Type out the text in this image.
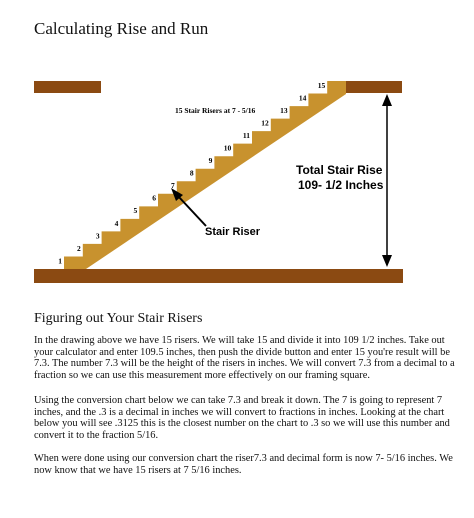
Calculating Rise and Run
1
2
3
4
5
6
7
8
9
10
11
12
13
14
15
15 Stair Risers at 7 - 5/16
Stair Riser
Total Stair Rise
109- 1/2 Inches
Figuring out Your Stair Risers

In the drawing above we have 15 risers. We will take 15 and divide it into 109 1/2 inches. Take out your calculator and enter 109.5 inches, then push the divide button and enter 15 you're result will be 7.3. The number 7.3 will be the height of the risers in inches. We will convert 7.3 from a decimal to a fraction so we can use this measurement more effectively on our framing square.

Using the conversion chart below we can take 7.3 and break it down. The 7 is going to represent 7 inches, and the .3 is a decimal in inches we will convert to fractions in inches. Looking at the chart below you will see .3125 this is the closest number on the chart to .3 so we will use this number and convert it to the fraction 5/16.

When were done using our conversion chart the riser7.3 and decimal form is now 7- 5/16 inches. We now know that we have 15 risers at 7 5/16 inches.
